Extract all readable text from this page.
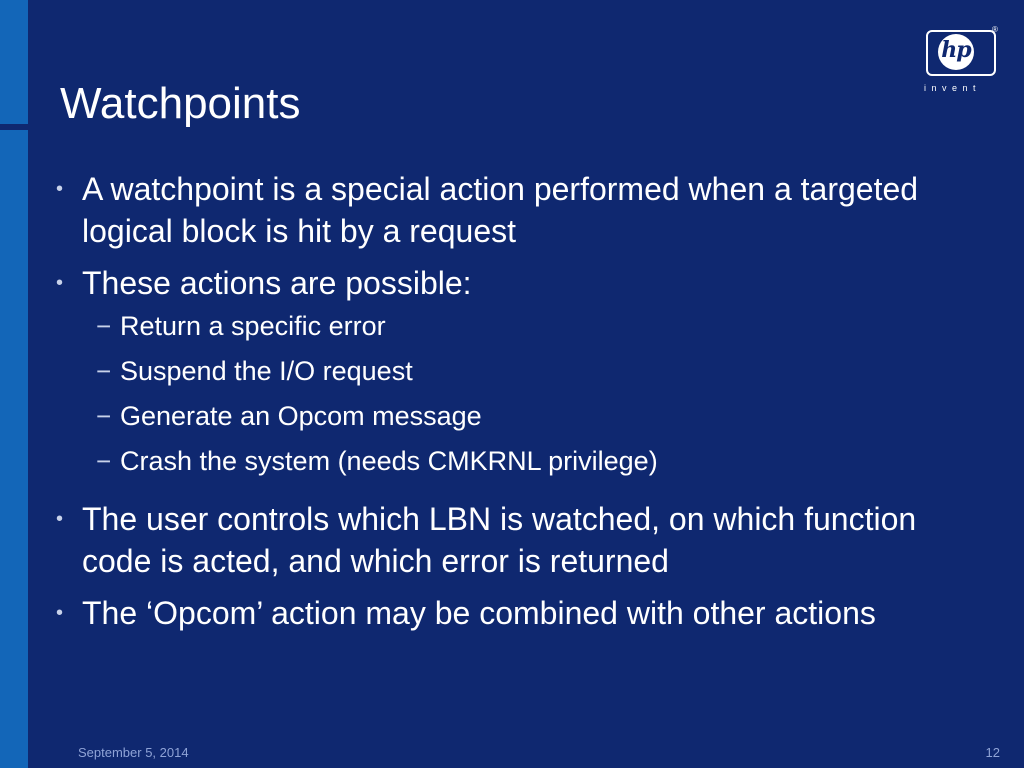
Watchpoints
hp
®
invent
• A watchpoint is a special action performed when a targeted logical block is hit by a request
• These actions are possible:
− Return a specific error
− Suspend the I/O request
− Generate an Opcom message
− Crash the system (needs CMKRNL privilege)
• The user controls which LBN is watched, on which function code is acted, and which error is returned
• The ‘Opcom’ action may be combined with other actions
September 5, 2014	12
